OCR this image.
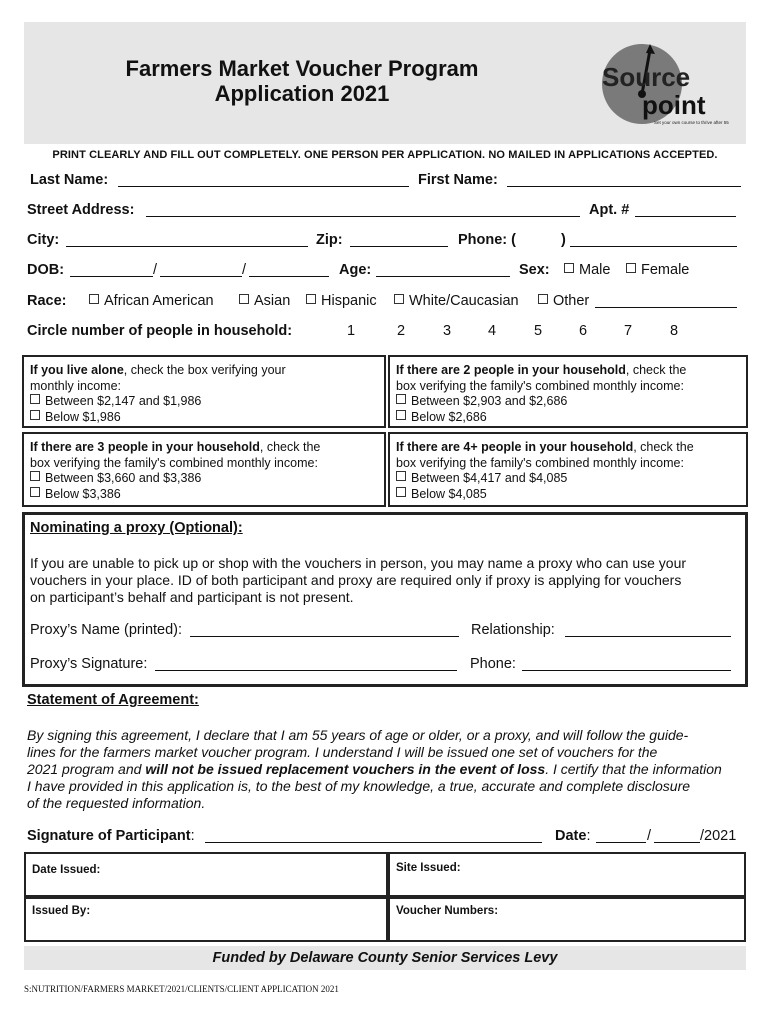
Farmers Market Voucher Program
Application 2021
Source
point
Set your own course to thrive after 55
PRINT CLEARLY AND FILL OUT COMPLETELY. ONE PERSON PER APPLICATION. NO MAILED IN APPLICATIONS ACCEPTED.
Last Name:	First Name:
Street Address:	Apt. #
City:	Zip:	Phone: (	)
DOB:	/	/	Age:	Sex:	Male	Female
Race:	African American	Asian	Hispanic	White/Caucasian	Other
Circle number of people in household:	1	2	3	4	5	6	7	8
If you live alone, check the box verifying your
monthly income:
Between $2,147 and $1,986
Below $1,986
If there are 2 people in your household, check the
box verifying the family's combined monthly income:
Between $2,903 and $2,686
Below $2,686
If there are 3 people in your household, check the
box verifying the family's combined monthly income:
Between $3,660 and $3,386
Below $3,386
If there are 4+ people in your household, check the
box verifying the family's combined monthly income:
Between $4,417 and $4,085
Below $4,085
Nominating a proxy (Optional):
If you are unable to pick up or shop with the vouchers in person, you may name a proxy who can use your
vouchers in your place. ID of both participant and proxy are required only if proxy is applying for vouchers
on participant’s behalf and participant is not present.
Proxy’s Name (printed):	Relationship:
Proxy’s Signature:	Phone:
Statement of Agreement:
By signing this agreement, I declare that I am 55 years of age or older, or a proxy, and will follow the guide-
lines for the farmers market voucher program. I understand I will be issued one set of vouchers for the
2021 program and will not be issued replacement vouchers in the event of loss. I certify that the information
I have provided in this application is, to the best of my knowledge, a true, accurate and complete disclosure
of the requested information.
Signature of Participant:	Date:	/	/2021
Date Issued:	Site Issued:
Issued By:	Voucher Numbers:
Funded by Delaware County Senior Services Levy
S:NUTRITION/FARMERS MARKET/2021/CLIENTS/CLIENT APPLICATION 2021
